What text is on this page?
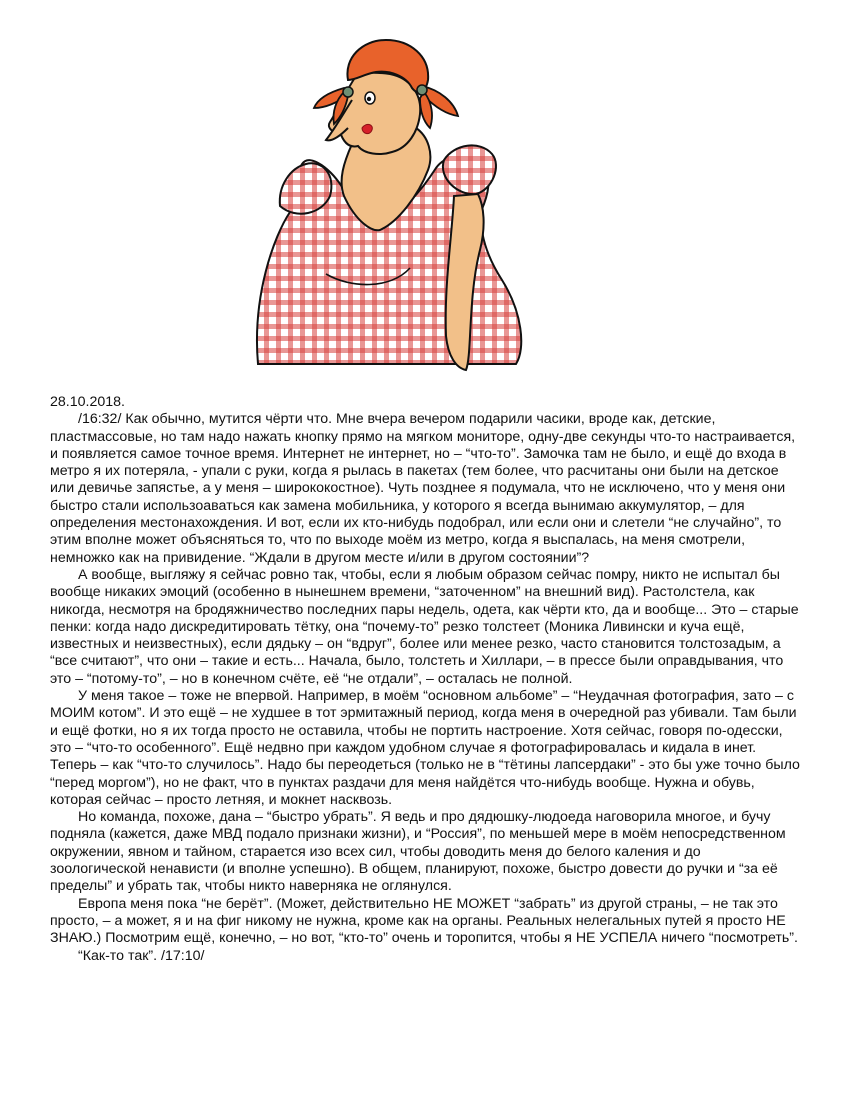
28.10.2018.

/16:32/ Как обычно, мутится чёрти что. Мне вчера вечером подарили часики, вроде как, детские, пластмассовые, но там надо нажать кнопку прямо на мягком мониторе, одну-две секунды что-то настраивается, и появляется самое точное время. Интернет не интернет, но – “что-то”. Замочка там не было, и ещё до входа в метро я их потеряла, - упали с руки, когда я рылась в пакетах (тем более, что расчитаны они были на детское или девичье запястье, а у меня – ширококостное). Чуть позднее я подумала, что не исключено, что у меня они быстро стали использоаваться как замена мобильника, у которого я всегда вынимаю аккумулятор, – для определения местонахождения. И вот, если их кто-нибудь подобрал, или если они и слетели “не случайно”, то этим вполне может объясняться то, что по выходе моём из метро, когда я выспалась, на меня смотрели, немножко как на привидение. “Ждали в другом месте и/или в другом состоянии”?

А вообще, выгляжу я сейчас ровно так, чтобы, если я любым образом сейчас помру, никто не испытал бы вообще никаких эмоций (особенно в нынешнем времени, “заточенном” на внешний вид). Растолстела, как никогда, несмотря на бродяжничество последних пары недель, одета, как чёрти кто, да и вообще... Это – старые пенки: когда надо дискредитировать тётку, она “почему-то” резко толстеет (Моника Ливински и куча ещё, известных и неизвестных), если дядьку – он “вдруг”, более или менее резко, часто становится толстозадым, а “все считают”, что они – такие и есть... Начала, было, толстеть и Хиллари, – в прессе были оправдывания, что это – “потому-то”, – но в конечном счёте, её “не отдали”, – осталась не полной.

У меня такое – тоже не впервой. Например, в моём “основном альбоме” – “Неудачная фотография, зато – с МОИМ котом”. И это ещё – не худшее в тот эрмитажный период, когда меня в очередной раз убивали. Там были и ещё фотки, но я их тогда просто не оставила, чтобы не портить настроение. Хотя сейчас, говоря по-одесски, это – “что-то особенного”. Ещё недвно при каждом удобном случае я фотографировалась и кидала в инет. Теперь – как “что-то случилось”. Надо бы переодеться (только не в “тётины лапсердаки” - это бы уже точно было “перед моргом”), но не факт, что в пунктах раздачи для меня найдётся что-нибудь вообще. Нужна и обувь, которая сейчас – просто летняя, и мокнет насквозь.

Но команда, похоже, дана – “быстро убрать”. Я ведь и про дядюшку-людоеда наговорила многое, и бучу подняла (кажется, даже МВД подало признаки жизни), и “Россия”, по меньшей мере в моём непосредственном окружении, явном и тайном, старается изо всех сил, чтобы доводить меня до белого каления и до зоологической ненависти (и вполне успешно). В общем, планируют, похоже, быстро довести до ручки и “за её пределы” и убрать так, чтобы никто наверняка не оглянулся.

Европа меня пока “не берёт”. (Может, действительно НЕ МОЖЕТ “забрать” из другой страны, – не так это просто, – а может, я и на фиг никому не нужна, кроме как на органы. Реальных нелегальных путей я просто НЕ ЗНАЮ.) Посмотрим ещё, конечно, – но вот, “кто-то” очень и торопится, чтобы я НЕ УСПЕЛА ничего “посмотреть”.

“Как-то так”. /17:10/
